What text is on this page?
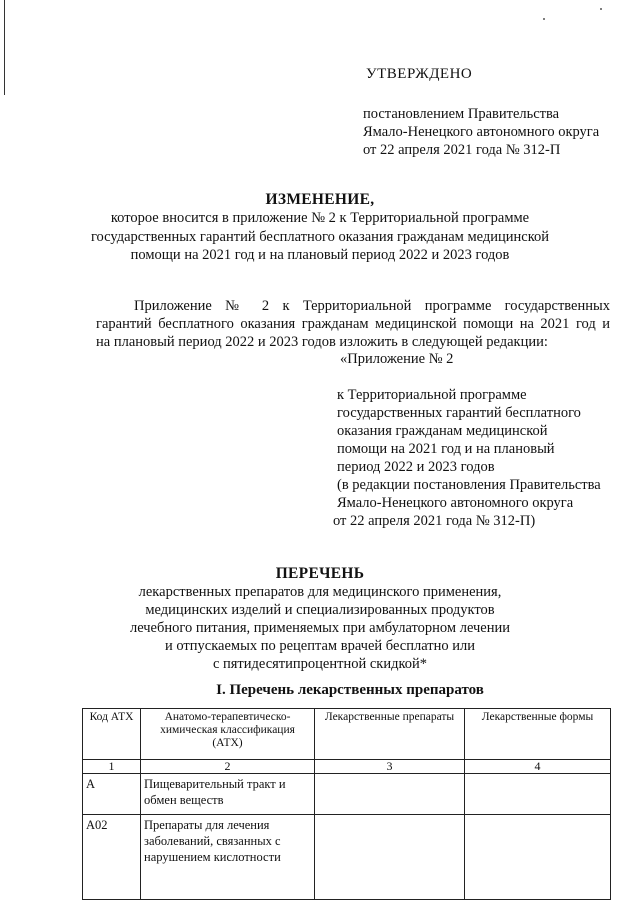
УТВЕРЖДЕНО
постановлением Правительства
Ямало-Ненецкого автономного округа
от 22 апреля 2021 года № 312-П
ИЗМЕНЕНИЕ,
которое вносится в приложение № 2 к Территориальной программе
государственных гарантий бесплатного оказания гражданам медицинской
помощи на 2021 год и на плановый период 2022 и 2023 годов
Приложение № 2 к Территориальной программе государственных
гарантий бесплатного оказания гражданам медицинской помощи на 2021 год и
на плановый период 2022 и 2023 годов изложить в следующей редакции:
«Приложение № 2
к Территориальной программе
государственных гарантий бесплатного
оказания гражданам медицинской
помощи на 2021 год и на плановый
период 2022 и 2023 годов
(в редакции постановления Правительства
Ямало-Ненецкого автономного округа
от 22 апреля 2021 года № 312-П)
ПЕРЕЧЕНЬ
лекарственных препаратов для медицинского применения,
медицинских изделий и специализированных продуктов
лечебного питания, применяемых при амбулаторном лечении
и отпускаемых по рецептам врачей бесплатно или
с пятидесятипроцентной скидкой*
I. Перечень лекарственных препаратов
Код АТХ	Анатомо-терапевтическо-химическая классификация (АТХ)	Лекарственные препараты	Лекарственные формы
1	2	3	4
А	Пищеварительный тракт и обмен веществ		
А02	Препараты для лечения заболеваний, связанных с нарушением кислотности		
